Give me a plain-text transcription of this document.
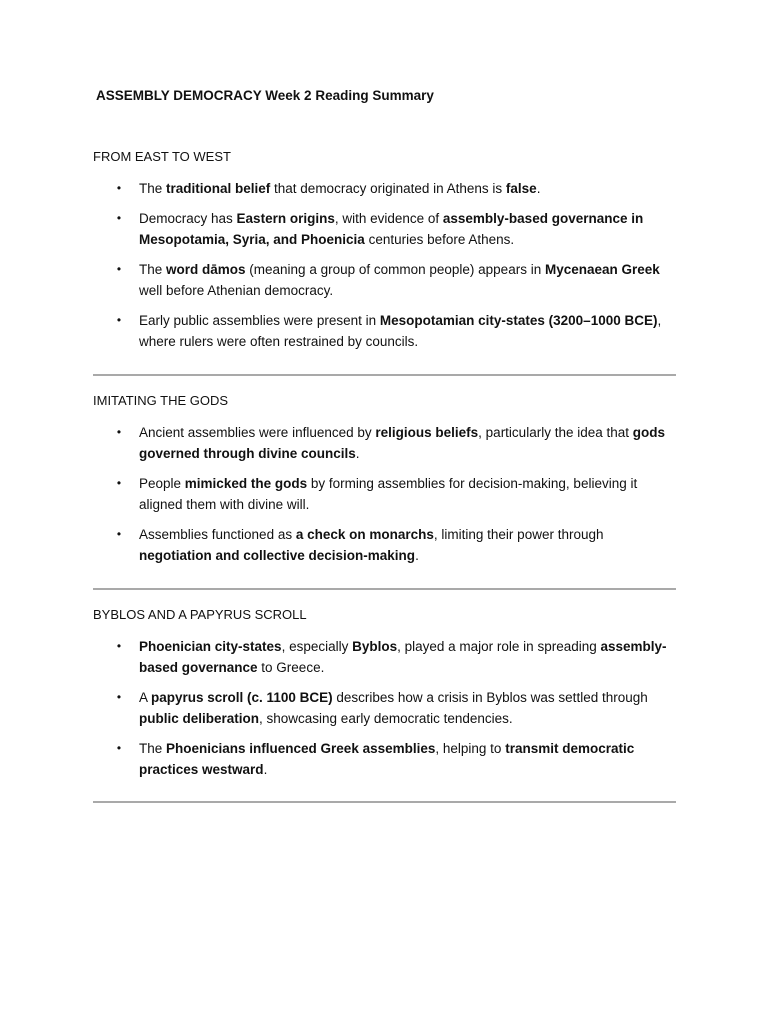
ASSEMBLY DEMOCRACY Week 2 Reading Summary
FROM EAST TO WEST
• The traditional belief that democracy originated in Athens is false.
• Democracy has Eastern origins, with evidence of assembly-based governance in Mesopotamia, Syria, and Phoenicia centuries before Athens.
• The word dāmos (meaning a group of common people) appears in Mycenaean Greek well before Athenian democracy.
• Early public assemblies were present in Mesopotamian city-states (3200–1000 BCE), where rulers were often restrained by councils.
IMITATING THE GODS
• Ancient assemblies were influenced by religious beliefs, particularly the idea that gods governed through divine councils.
• People mimicked the gods by forming assemblies for decision-making, believing it aligned them with divine will.
• Assemblies functioned as a check on monarchs, limiting their power through negotiation and collective decision-making.
BYBLOS AND A PAPYRUS SCROLL
• Phoenician city-states, especially Byblos, played a major role in spreading assembly-based governance to Greece.
• A papyrus scroll (c. 1100 BCE) describes how a crisis in Byblos was settled through public deliberation, showcasing early democratic tendencies.
• The Phoenicians influenced Greek assemblies, helping to transmit democratic practices westward.
